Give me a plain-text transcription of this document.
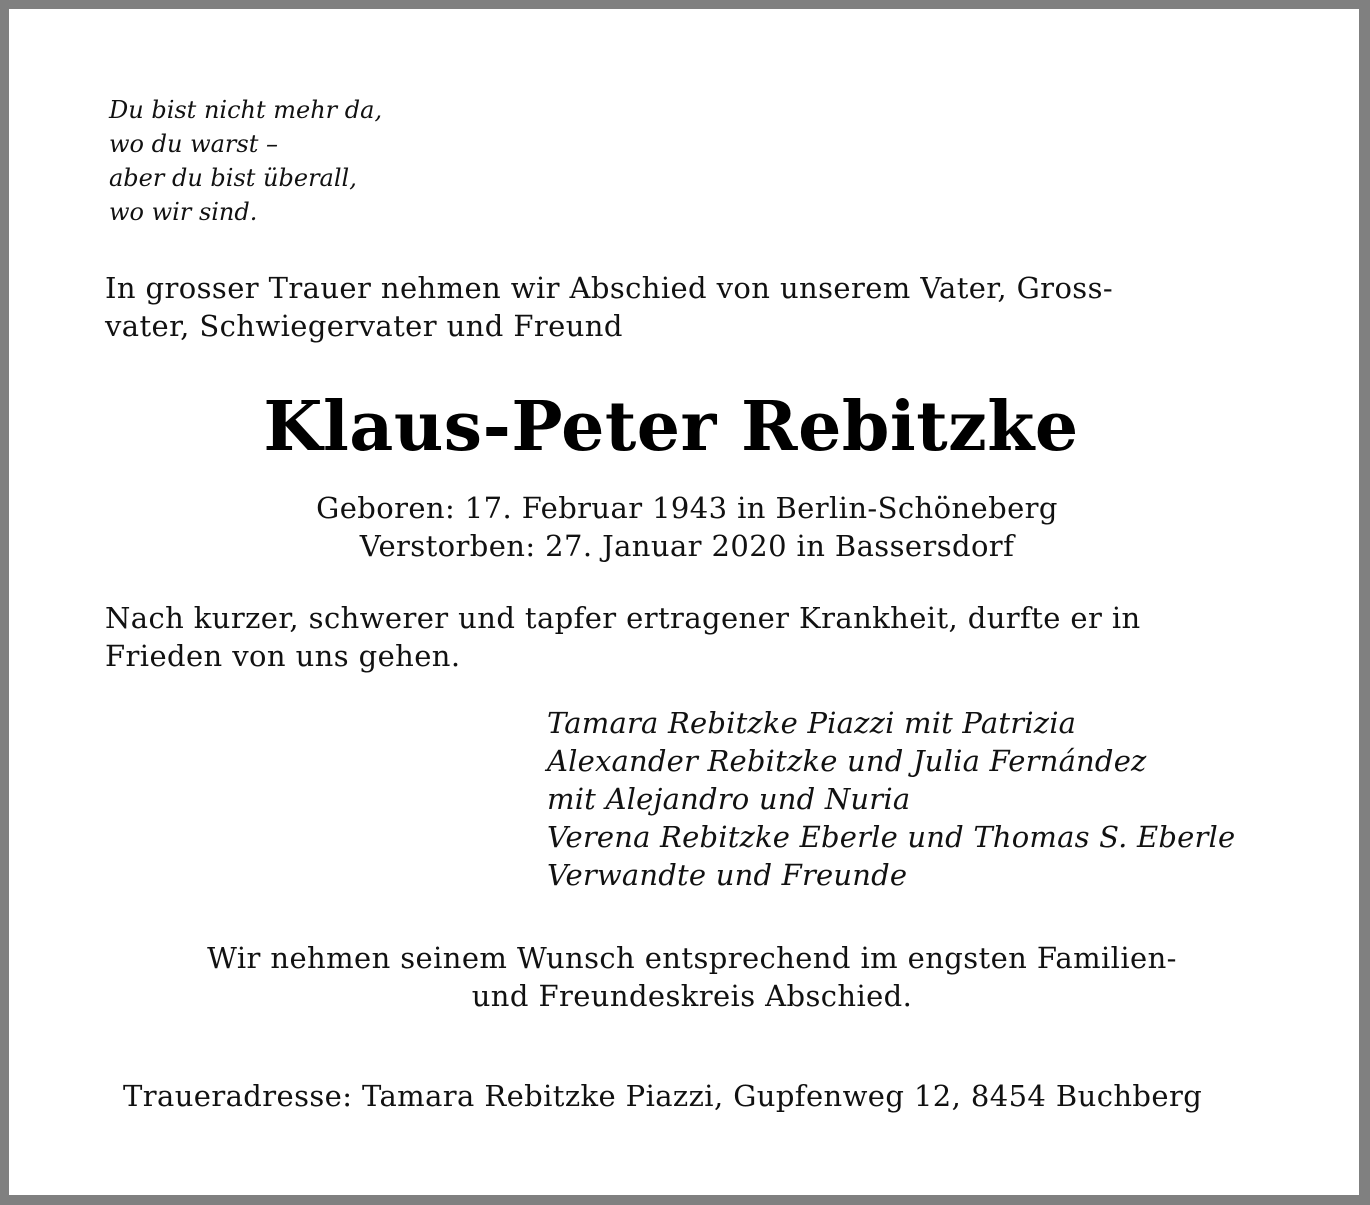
Du bist nicht mehr da,
wo du warst –
aber du bist überall,
wo wir sind.
In grosser Trauer nehmen wir Abschied von unserem Vater, Gross-
vater, Schwiegervater und Freund
Klaus-Peter Rebitzke
Geboren: 17. Februar 1943 in Berlin-Schöneberg
Verstorben: 27. Januar 2020 in Bassersdorf
Nach kurzer, schwerer und tapfer ertragener Krankheit, durfte er in
Frieden von uns gehen.
Tamara Rebitzke Piazzi mit Patrizia
Alexander Rebitzke und Julia Fernández
mit Alejandro und Nuria
Verena Rebitzke Eberle und Thomas S. Eberle
Verwandte und Freunde
Wir nehmen seinem Wunsch entsprechend im engsten Familien-
und Freundeskreis Abschied.
Traueradresse: Tamara Rebitzke Piazzi, Gupfenweg 12, 8454 Buchberg
